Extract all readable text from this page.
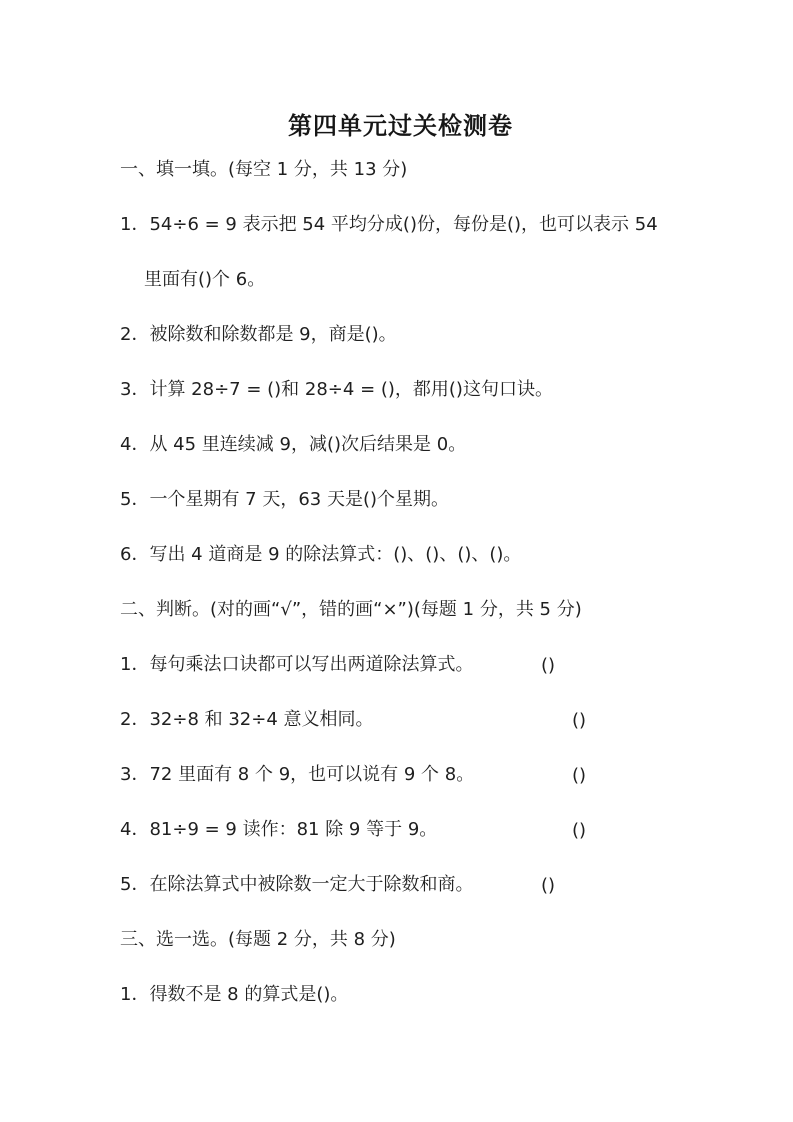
第四单元过关检测卷
一、填一填。(每空 1 分，共 13 分)
1．54÷6 = 9 表示把 54 平均分成()份，每份是()，也可以表示 54
里面有()个 6。
2．被除数和除数都是 9，商是()。
3．计算 28÷7 = ()和 28÷4 = ()，都用()这句口诀。
4．从 45 里连续减 9，减()次后结果是 0。
5．一个星期有 7 天，63 天是()个星期。
6．写出 4 道商是 9 的除法算式：()、()、()、()。
二、判断。(对的画“√”，错的画“×”)(每题 1 分，共 5 分)
1．每句乘法口诀都可以写出两道除法算式。	()
2．32÷8 和 32÷4 意义相同。	()
3．72 里面有 8 个 9，也可以说有 9 个 8。	()
4．81÷9 = 9 读作：81 除 9 等于 9。	()
5．在除法算式中被除数一定大于除数和商。	()
三、选一选。(每题 2 分，共 8 分)
1．得数不是 8 的算式是()。
